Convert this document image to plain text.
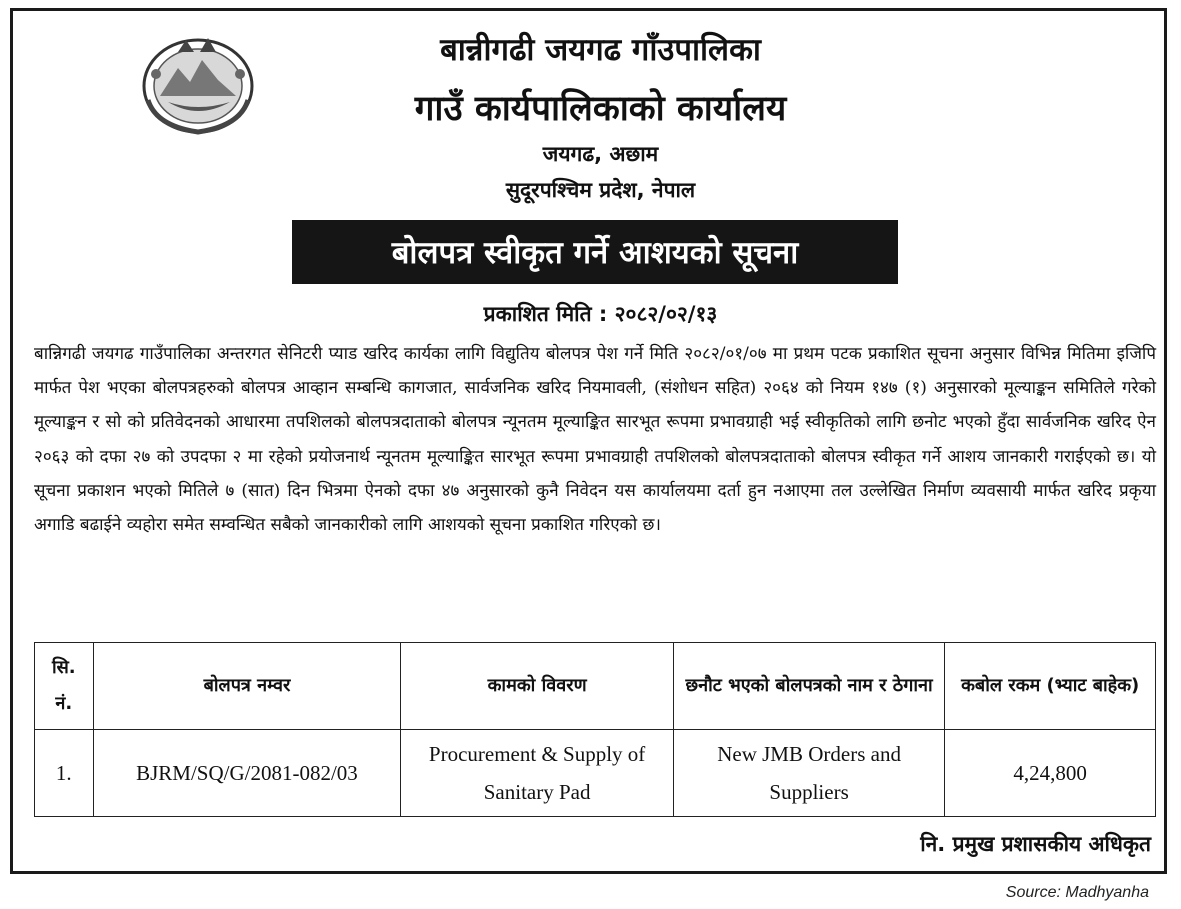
बान्नीगढी जयगढ गाँउपालिका
गाउँ कार्यपालिकाको कार्यालय
जयगढ, अछाम
सुदूरपश्चिम प्रदेश, नेपाल
बोलपत्र स्वीकृत गर्ने आशयको सूचना
प्रकाशित मिति : २०८२/०२/१३

बान्निगढी जयगढ गाउँपालिका अन्तरगत सेनिटरी प्याड खरिद कार्यका लागि विद्युतिय बोलपत्र पेश गर्ने मिति २०८२/०१/०७ मा प्रथम पटक प्रकाशित सूचना अनुसार विभिन्न मितिमा इजिपि मार्फत पेश भएका बोलपत्रहरुको बोलपत्र आव्हान सम्बन्धि कागजात, सार्वजनिक खरिद नियमावली, (संशोधन सहित) २०६४ को नियम १४७ (१) अनुसारको मूल्याङ्कन समितिले गरेको मूल्याङ्कन र सो को प्रतिवेदनको आधारमा तपशिलको बोलपत्रदाताको बोलपत्र न्यूनतम मूल्याङ्कित सारभूत रूपमा प्रभावग्राही भई स्वीकृतिको लागि छनोट भएको हुँदा सार्वजनिक खरिद ऐन २०६३ को दफा २७ को उपदफा २ मा रहेको प्रयोजनार्थ न्यूनतम मूल्याङ्कित सारभूत रूपमा प्रभावग्राही तपशिलको बोलपत्रदाताको बोलपत्र स्वीकृत गर्ने आशय जानकारी गराईएको छ। यो सूचना प्रकाशन भएको मितिले ७ (सात) दिन भित्रमा ऐनको दफा ४७ अनुसारको कुनै निवेदन यस कार्यालयमा दर्ता हुन नआएमा तल उल्लेखित निर्माण व्यवसायी मार्फत खरिद प्रकृया अगाडि बढाईने व्यहोरा समेत सम्वन्धित सबैको जानकारीको लागि आशयको सूचना प्रकाशित गरिएको छ।

सि. नं.	बोलपत्र नम्वर	कामको विवरण	छनौट भएको बोलपत्रको नाम र ठेगाना	कबोल रकम (भ्याट बाहेक)
1.	BJRM/SQ/G/2081-082/03	Procurement & Supply of Sanitary Pad	New JMB Orders and Suppliers	4,24,800
नि. प्रमुख प्रशासकीय अधिकृत
Source: Madhyanha
